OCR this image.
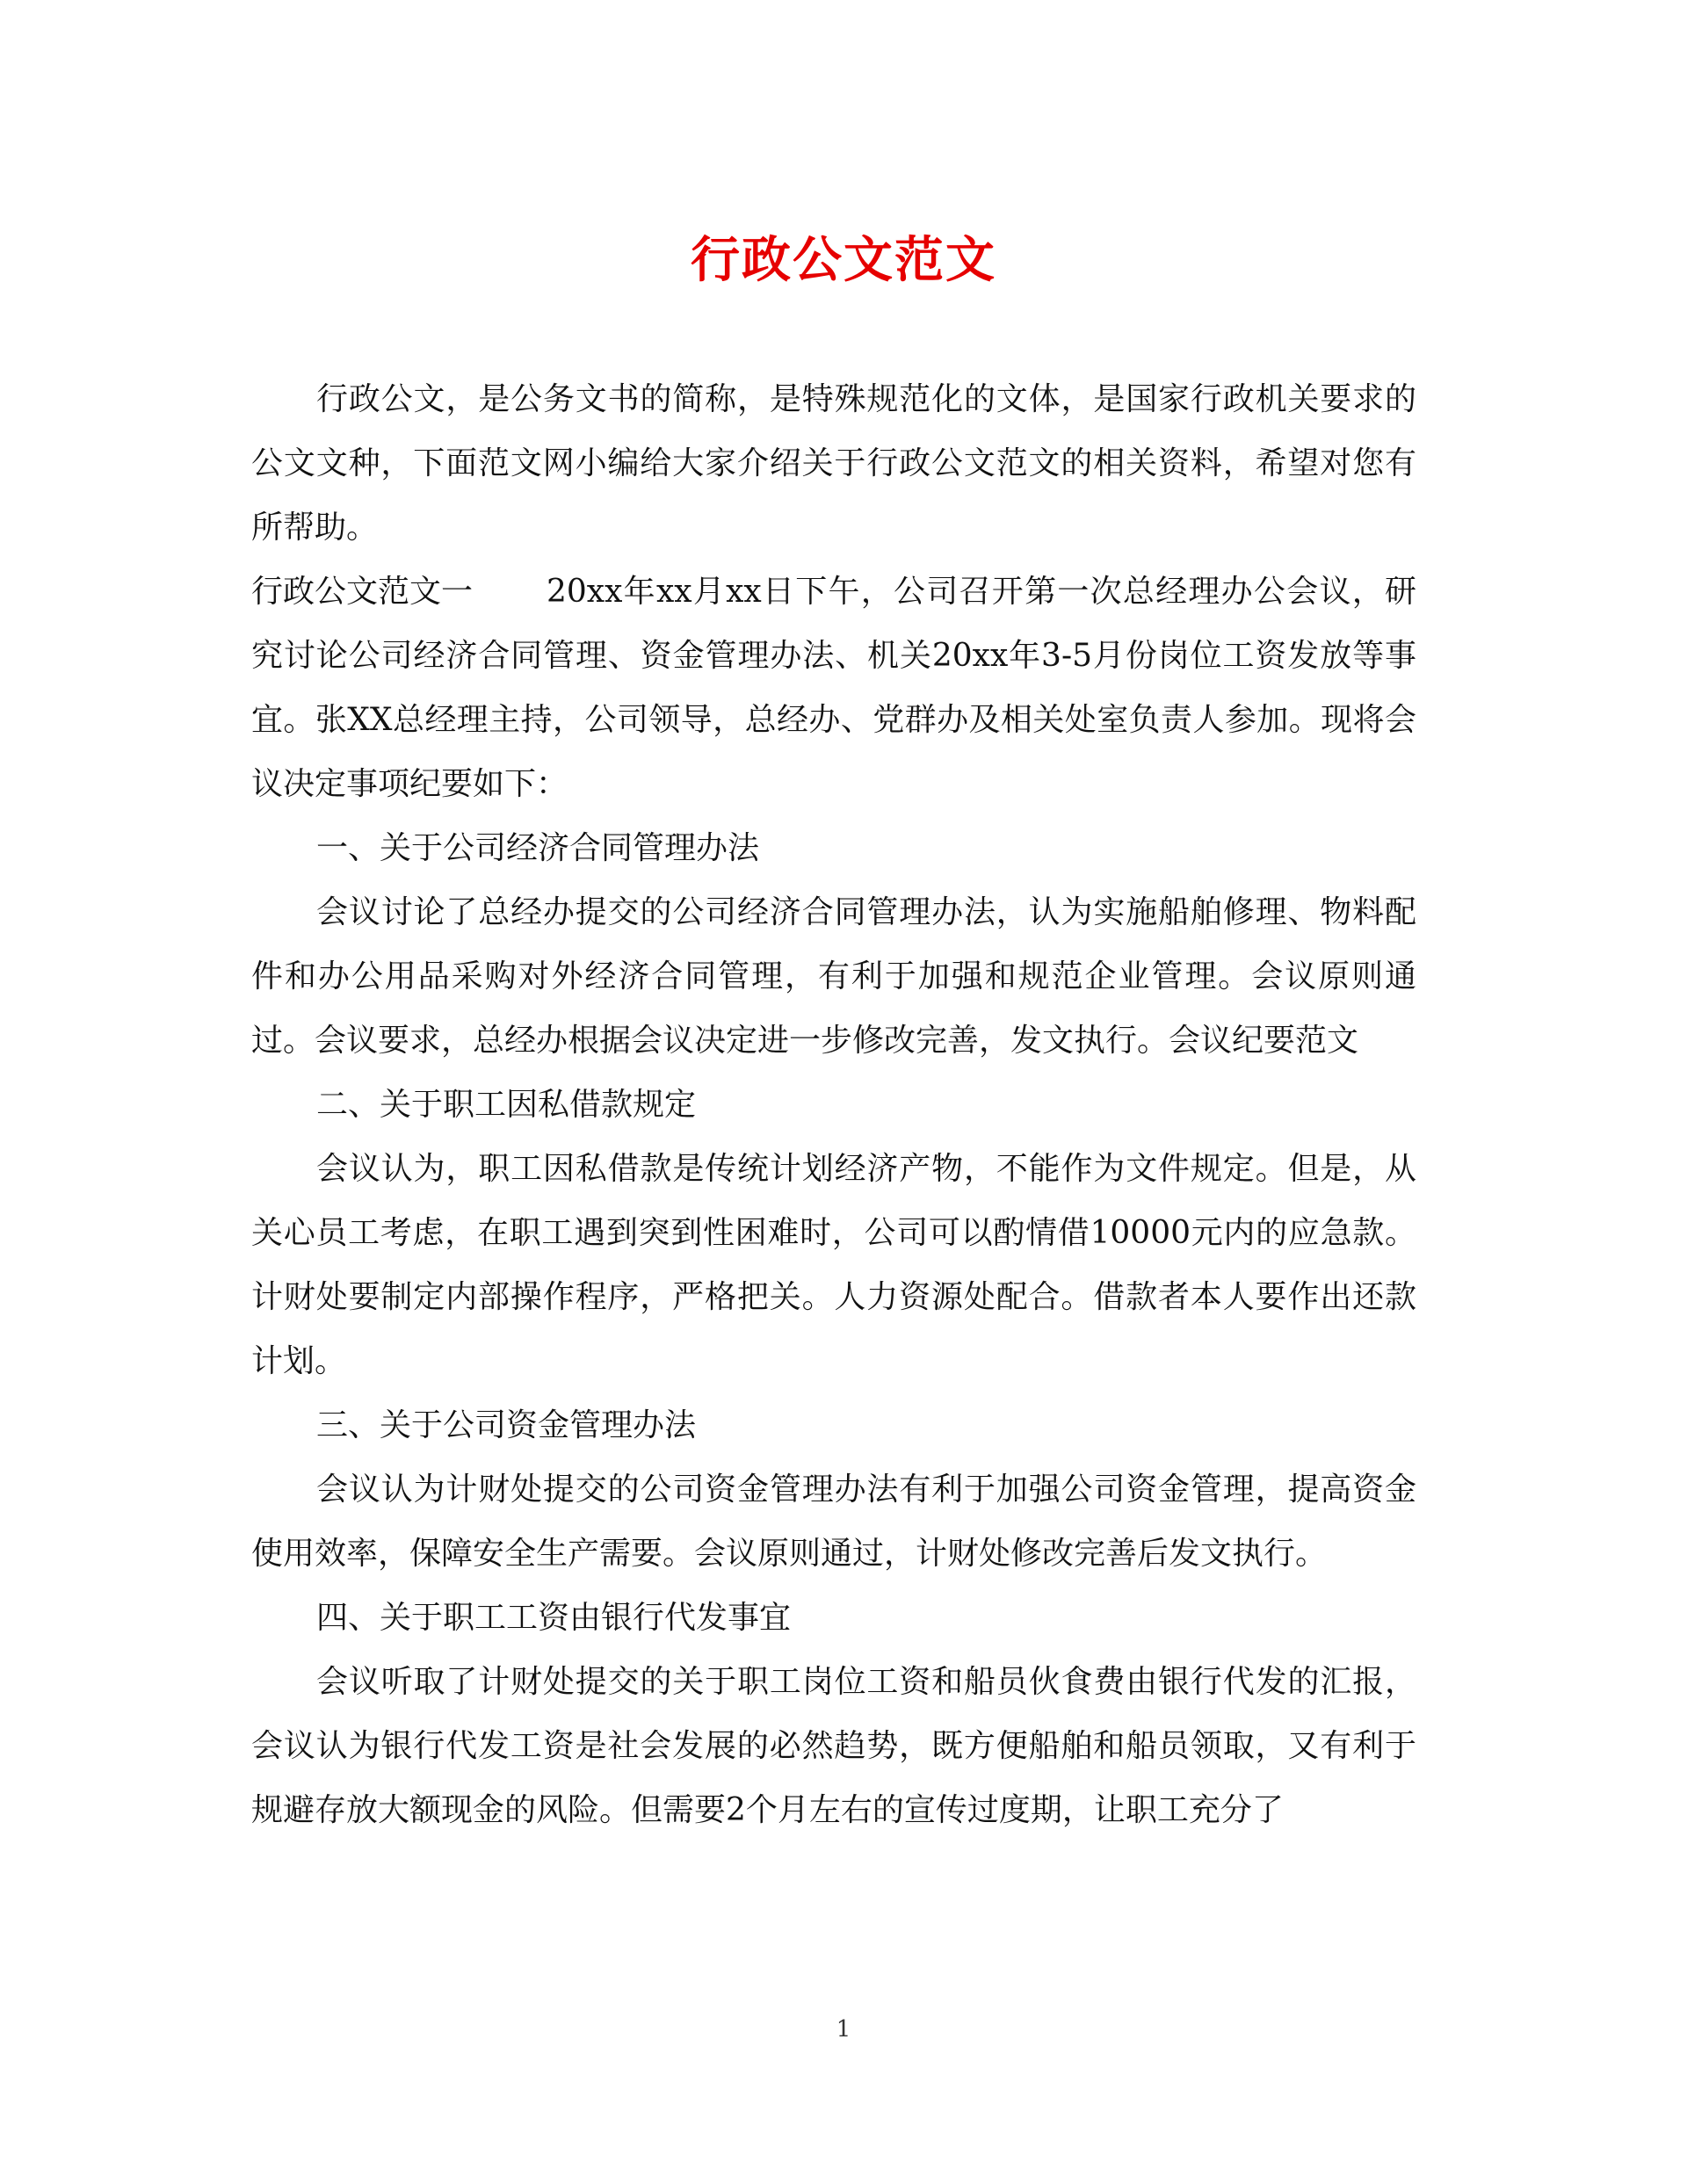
行政公文范文

行政公文，是公务文书的简称，是特殊规范化的文体，是国家行政机关要求的公文文种，下面范文网小编给大家介绍关于行政公文范文的相关资料，希望对您有所帮助。

行政公文范文一 20xx年xx月xx日下午，公司召开第一次总经理办公会议，研究讨论公司经济合同管理、资金管理办法、机关20xx年3-5月份岗位工资发放等事宜。张XX总经理主持，公司领导，总经办、党群办及相关处室负责人参加。现将会议决定事项纪要如下：

一、关于公司经济合同管理办法

会议讨论了总经办提交的公司经济合同管理办法，认为实施船舶修理、物料配件和办公用品采购对外经济合同管理，有利于加强和规范企业管理。会议原则通过。会议要求，总经办根据会议决定进一步修改完善，发文执行。会议纪要范文

二、关于职工因私借款规定

会议认为，职工因私借款是传统计划经济产物，不能作为文件规定。但是，从关心员工考虑，在职工遇到突到性困难时，公司可以酌情借10000元内的应急款。计财处要制定内部操作程序，严格把关。人力资源处配合。借款者本人要作出还款计划。

三、关于公司资金管理办法

会议认为计财处提交的公司资金管理办法有利于加强公司资金管理，提高资金使用效率，保障安全生产需要。会议原则通过，计财处修改完善后发文执行。

四、关于职工工资由银行代发事宜

会议听取了计财处提交的关于职工岗位工资和船员伙食费由银行代发的汇报，会议认为银行代发工资是社会发展的必然趋势，既方便船舶和船员领取，又有利于规避存放大额现金的风险。但需要2个月左右的宣传过度期，让职工充分了

1
